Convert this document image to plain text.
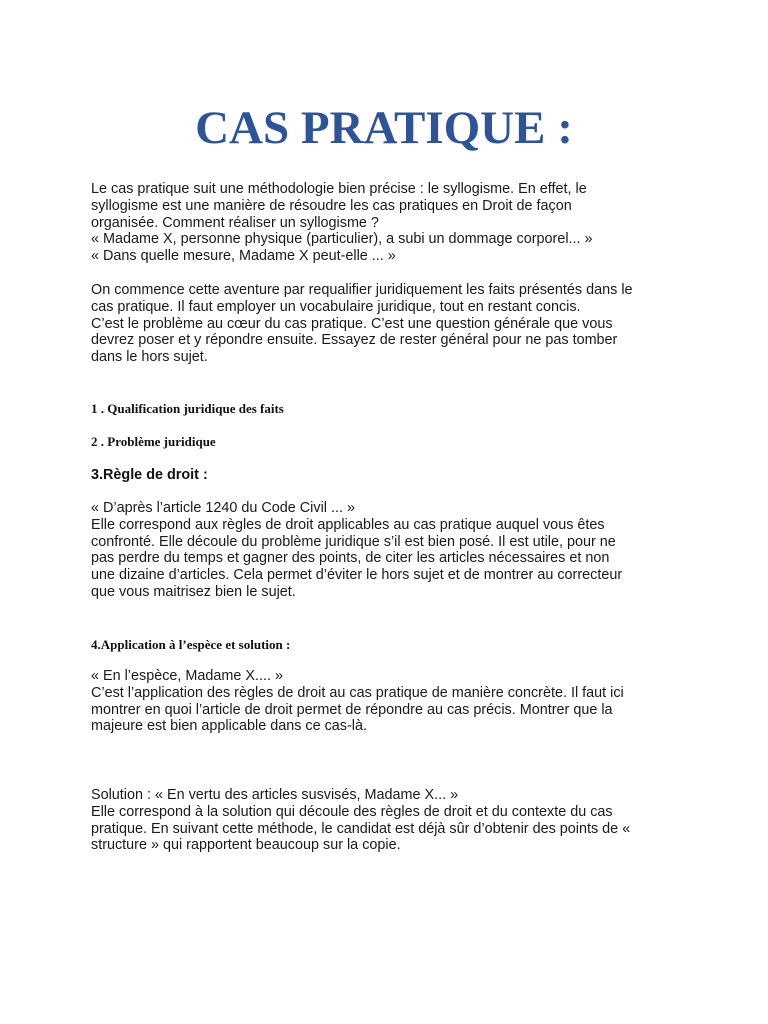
CAS PRATIQUE :

Le cas pratique suit une méthodologie bien précise : le syllogisme. En effet, le
syllogisme est une manière de résoudre les cas pratiques en Droit de façon
organisée. Comment réaliser un syllogisme ?
« Madame X, personne physique (particulier), a subi un dommage corporel... »
« Dans quelle mesure, Madame X peut-elle ... »

On commence cette aventure par requalifier juridiquement les faits présentés dans le
cas pratique. Il faut employer un vocabulaire juridique, tout en restant concis.
C’est le problème au cœur du cas pratique. C’est une question générale que vous
devrez poser et y répondre ensuite. Essayez de rester général pour ne pas tomber
dans le hors sujet.

1 . Qualification juridique des faits
2 . Problème juridique
3.Règle de droit :

« D’après l’article 1240 du Code Civil ... »
Elle correspond aux règles de droit applicables au cas pratique auquel vous êtes
confronté. Elle découle du problème juridique s’il est bien posé. Il est utile, pour ne
pas perdre du temps et gagner des points, de citer les articles nécessaires et non
une dizaine d’articles. Cela permet d’éviter le hors sujet et de montrer au correcteur
que vous maitrisez bien le sujet.

4.Application à l’espèce et solution :

« En l’espèce, Madame X.... »
C’est l’application des règles de droit au cas pratique de manière concrète. Il faut ici
montrer en quoi l’article de droit permet de répondre au cas précis. Montrer que la
majeure est bien applicable dans ce cas-là.

Solution : « En vertu des articles susvisés, Madame X... »
Elle correspond à la solution qui découle des règles de droit et du contexte du cas
pratique. En suivant cette méthode, le candidat est déjà sûr d’obtenir des points de «
structure » qui rapportent beaucoup sur la copie.
